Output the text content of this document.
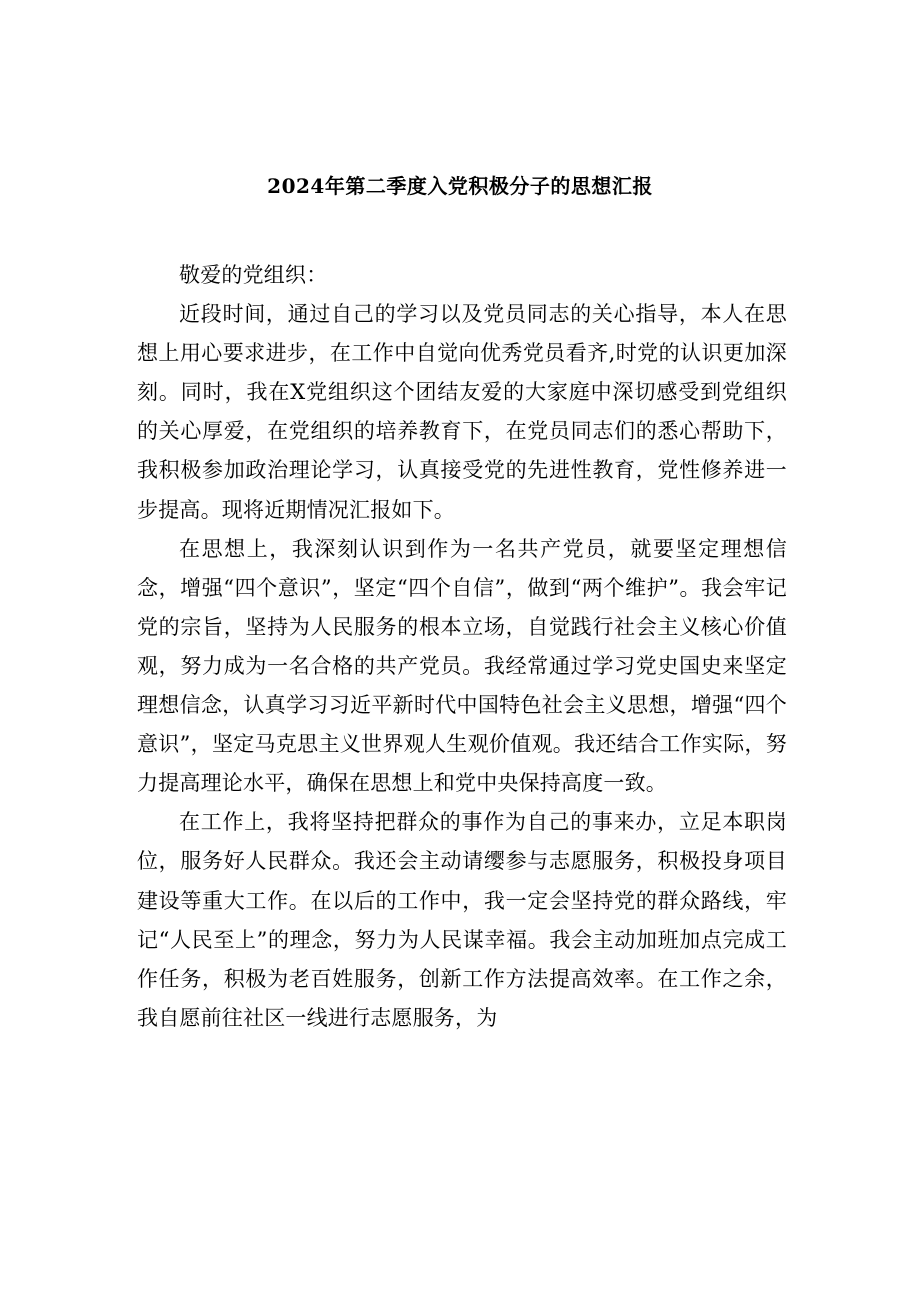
2024年第二季度入党积极分子的思想汇报

敬爱的党组织：

近段时间，通过自己的学习以及党员同志的关心指导，本人在思想上用心要求进步，在工作中自觉向优秀党员看齐,时党的认识更加深刻。同时，我在X党组织这个团结友爱的大家庭中深切感受到党组织的关心厚爱，在党组织的培养教育下，在党员同志们的悉心帮助下，我积极参加政治理论学习，认真接受党的先进性教育，党性修养进一步提高。现将近期情况汇报如下。

在思想上，我深刻认识到作为一名共产党员，就要坚定理想信念，增强“四个意识”，坚定“四个自信”，做到“两个维护”。我会牢记党的宗旨，坚持为人民服务的根本立场，自觉践行社会主义核心价值观，努力成为一名合格的共产党员。我经常通过学习党史国史来坚定理想信念，认真学习习近平新时代中国特色社会主义思想，增强“四个意识”，坚定马克思主义世界观人生观价值观。我还结合工作实际，努力提高理论水平，确保在思想上和党中央保持高度一致。

在工作上，我将坚持把群众的事作为自己的事来办，立足本职岗位，服务好人民群众。我还会主动请缨参与志愿服务，积极投身项目建设等重大工作。在以后的工作中，我一定会坚持党的群众路线，牢记“人民至上”的理念，努力为人民谋幸福。我会主动加班加点完成工作任务，积极为老百姓服务，创新工作方法提高效率。在工作之余，我自愿前往社区一线进行志愿服务，为
